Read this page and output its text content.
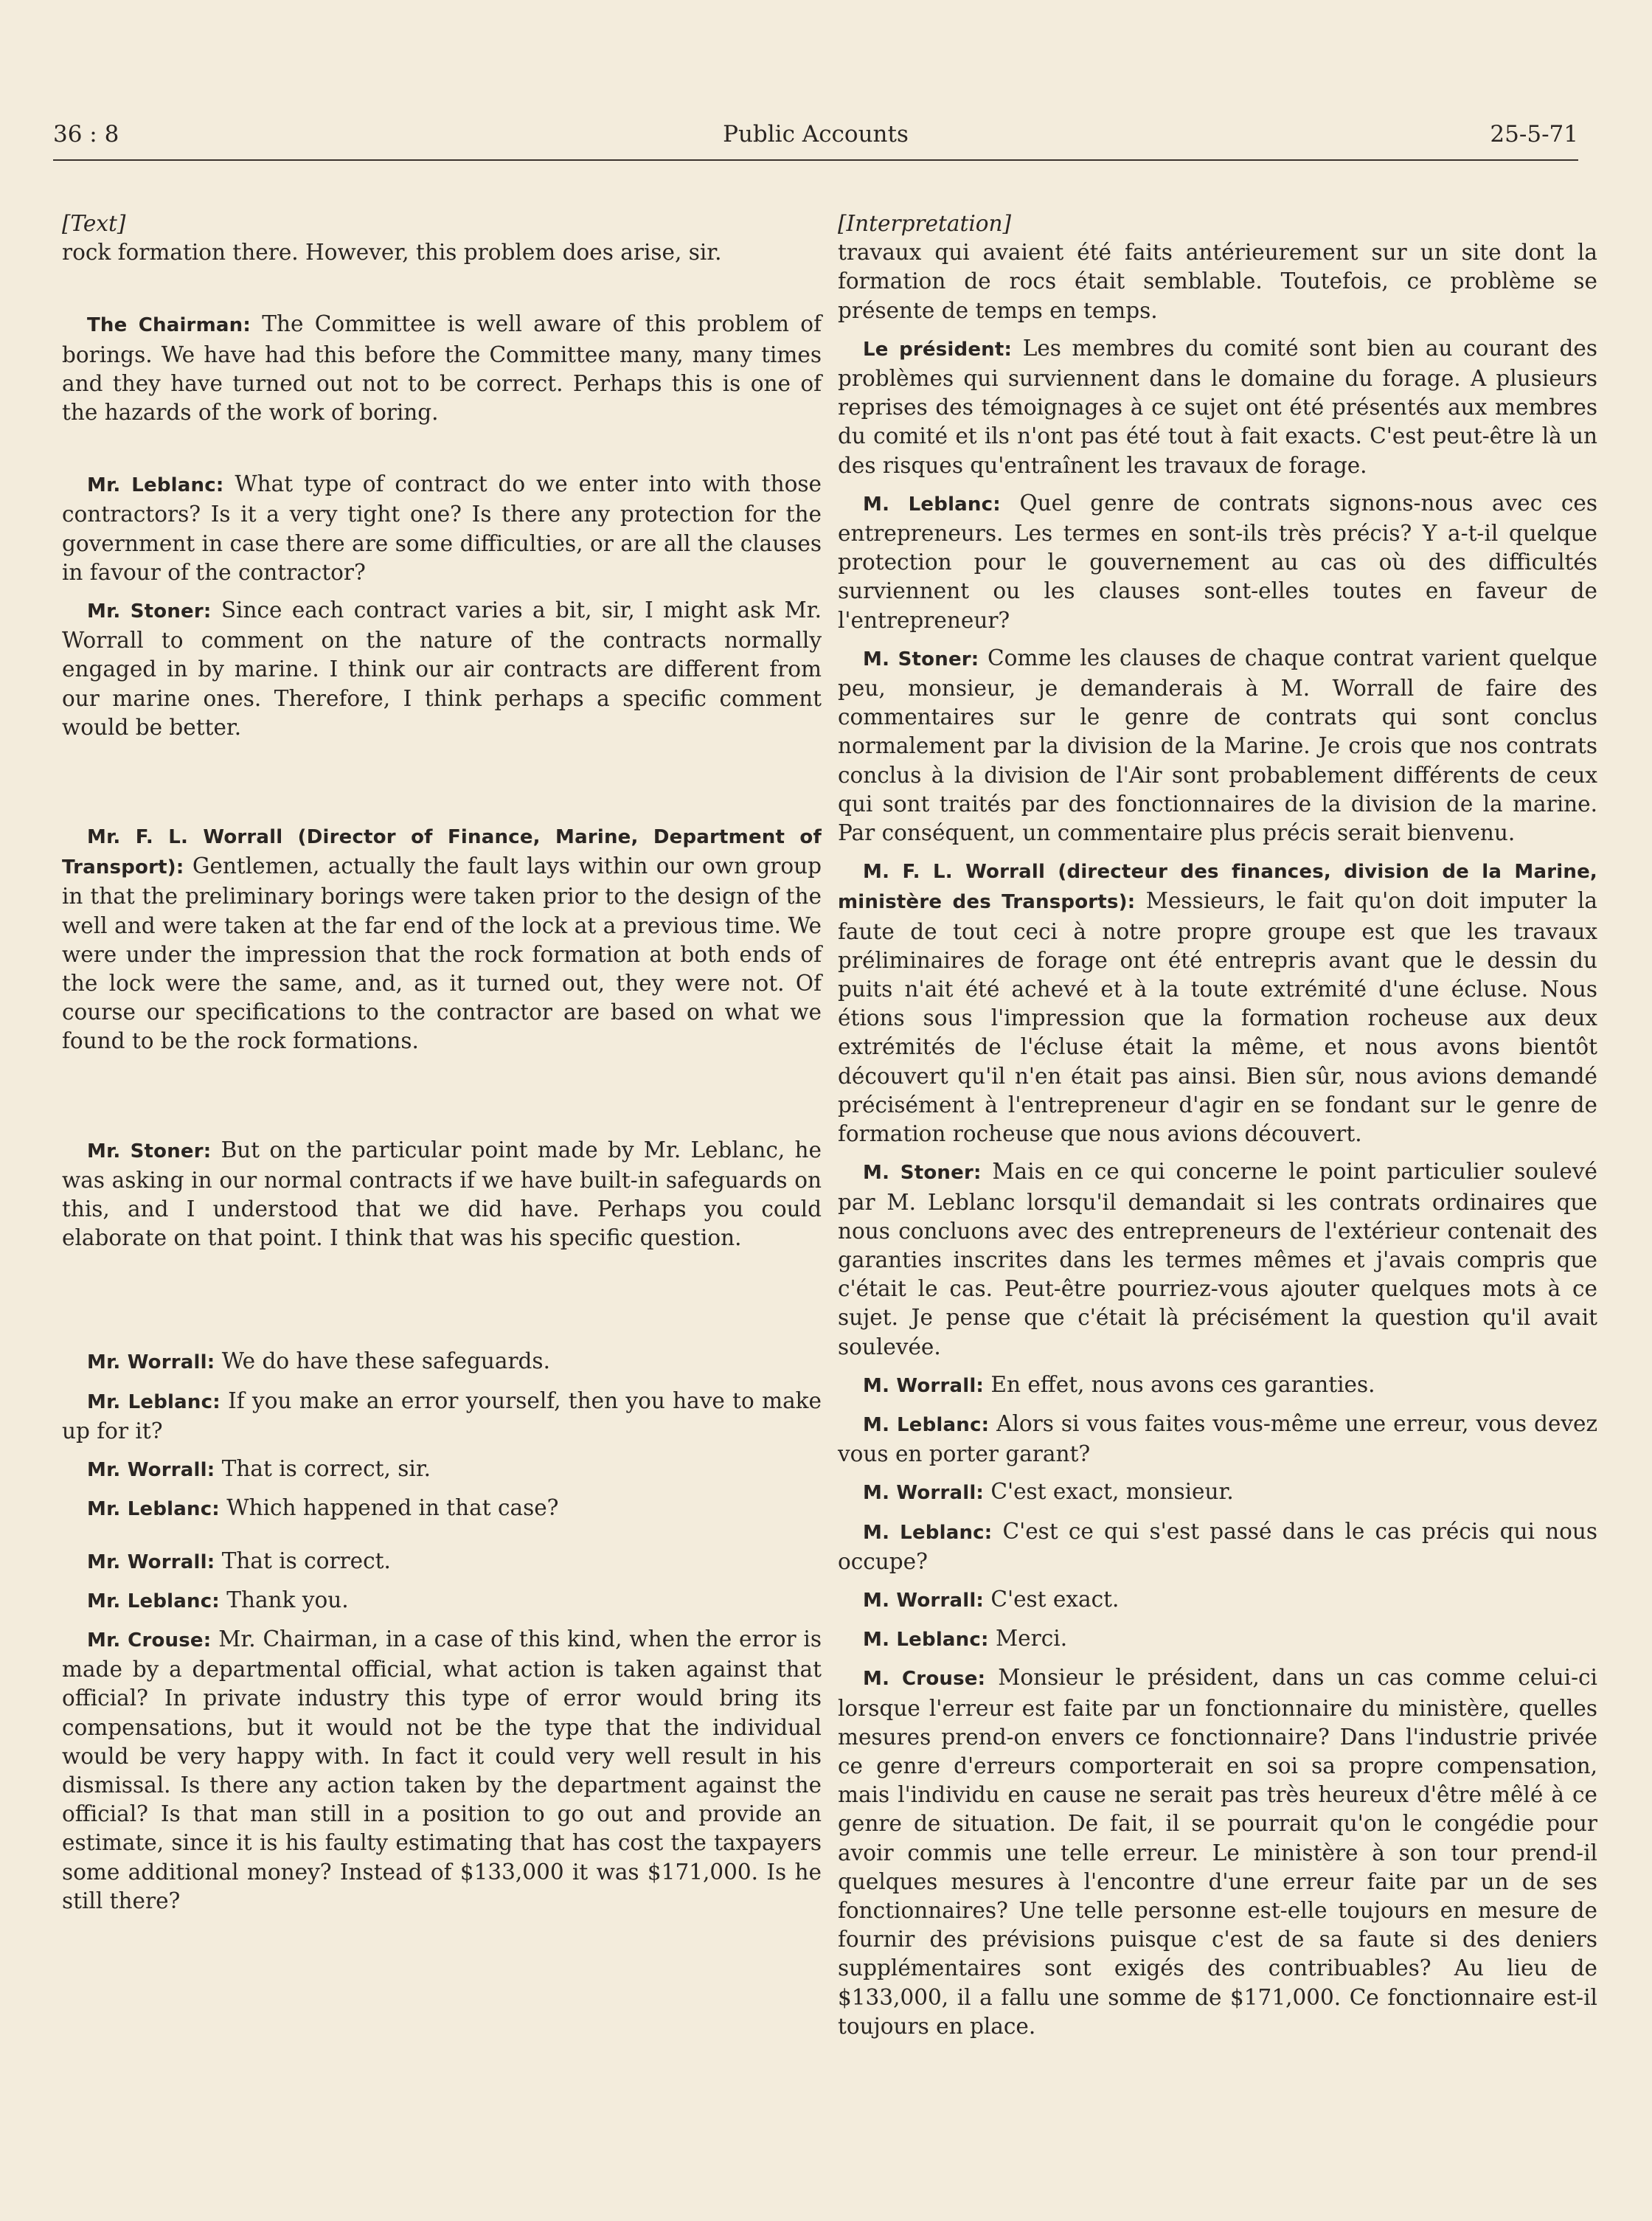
36 : 8	Public Accounts	25-5-71

[Text]

rock formation there. However, this problem does arise, sir.

The Chairman: The Committee is well aware of this problem of borings. We have had this before the Committee many, many times and they have turned out not to be correct. Perhaps this is one of the hazards of the work of boring.

Mr. Leblanc: What type of contract do we enter into with those contractors? Is it a very tight one? Is there any protection for the government in case there are some difficulties, or are all the clauses in favour of the contractor?

Mr. Stoner: Since each contract varies a bit, sir, I might ask Mr. Worrall to comment on the nature of the contracts normally engaged in by marine. I think our air contracts are different from our marine ones. Therefore, I think perhaps a specific comment would be better.

Mr. F. L. Worrall (Director of Finance, Marine, Department of Transport): Gentlemen, actually the fault lays within our own group in that the preliminary borings were taken prior to the design of the well and were taken at the far end of the lock at a previous time. We were under the impression that the rock formation at both ends of the lock were the same, and, as it turned out, they were not. Of course our specifications to the contractor are based on what we found to be the rock formations.

Mr. Stoner: But on the particular point made by Mr. Leblanc, he was asking in our normal contracts if we have built-in safeguards on this, and I understood that we did have. Perhaps you could elaborate on that point. I think that was his specific question.

Mr. Worrall: We do have these safeguards.

Mr. Leblanc: If you make an error yourself, then you have to make up for it?

Mr. Worrall: That is correct, sir.

Mr. Leblanc: Which happened in that case?

Mr. Worrall: That is correct.

Mr. Leblanc: Thank you.

Mr. Crouse: Mr. Chairman, in a case of this kind, when the error is made by a departmental official, what action is taken against that official? In private industry this type of error would bring its compensations, but it would not be the type that the individual would be very happy with. In fact it could very well result in his dismissal. Is there any action taken by the department against the official? Is that man still in a position to go out and provide an estimate, since it is his faulty estimating that has cost the taxpayers some additional money? Instead of $133,000 it was $171,000. Is he still there?

[Interpretation]

travaux qui avaient été faits antérieurement sur un site dont la formation de rocs était semblable. Toutefois, ce problème se présente de temps en temps.

Le président: Les membres du comité sont bien au courant des problèmes qui surviennent dans le domaine du forage. A plusieurs reprises des témoignages à ce sujet ont été présentés aux membres du comité et ils n'ont pas été tout à fait exacts. C'est peut-être là un des risques qu'entraînent les travaux de forage.

M. Leblanc: Quel genre de contrats signons-nous avec ces entrepreneurs. Les termes en sont-ils très précis? Y a-t-il quelque protection pour le gouvernement au cas où des difficultés surviennent ou les clauses sont-elles toutes en faveur de l'entrepreneur?

M. Stoner: Comme les clauses de chaque contrat varient quelque peu, monsieur, je demanderais à M. Worrall de faire des commentaires sur le genre de contrats qui sont conclus normalement par la division de la Marine. Je crois que nos contrats conclus à la division de l'Air sont probablement différents de ceux qui sont traités par des fonctionnaires de la division de la marine. Par conséquent, un commentaire plus précis serait bienvenu.

M. F. L. Worrall (directeur des finances, division de la Marine, ministère des Transports): Messieurs, le fait qu'on doit imputer la faute de tout ceci à notre propre groupe est que les travaux préliminaires de forage ont été entrepris avant que le dessin du puits n'ait été achevé et à la toute extrémité d'une écluse. Nous étions sous l'impression que la formation rocheuse aux deux extrémités de l'écluse était la même, et nous avons bientôt découvert qu'il n'en était pas ainsi. Bien sûr, nous avions demandé précisément à l'entrepreneur d'agir en se fondant sur le genre de formation rocheuse que nous avions découvert.

M. Stoner: Mais en ce qui concerne le point particulier soulevé par M. Leblanc lorsqu'il demandait si les contrats ordinaires que nous concluons avec des entrepreneurs de l'extérieur contenait des garanties inscrites dans les termes mêmes et j'avais compris que c'était le cas. Peut-être pourriez-vous ajouter quelques mots à ce sujet. Je pense que c'était là précisément la question qu'il avait soulevée.

M. Worrall: En effet, nous avons ces garanties.

M. Leblanc: Alors si vous faites vous-même une erreur, vous devez vous en porter garant?

M. Worrall: C'est exact, monsieur.

M. Leblanc: C'est ce qui s'est passé dans le cas précis qui nous occupe?

M. Worrall: C'est exact.

M. Leblanc: Merci.

M. Crouse: Monsieur le président, dans un cas comme celui-ci lorsque l'erreur est faite par un fonctionnaire du ministère, quelles mesures prend-on envers ce fonctionnaire? Dans l'industrie privée ce genre d'erreurs comporterait en soi sa propre compensation, mais l'individu en cause ne serait pas très heureux d'être mêlé à ce genre de situation. De fait, il se pourrait qu'on le congédie pour avoir commis une telle erreur. Le ministère à son tour prend-il quelques mesures à l'encontre d'une erreur faite par un de ses fonctionnaires? Une telle personne est-elle toujours en mesure de fournir des prévisions puisque c'est de sa faute si des deniers supplémentaires sont exigés des contribuables? Au lieu de $133,000, il a fallu une somme de $171,000. Ce fonctionnaire est-il toujours en place.
